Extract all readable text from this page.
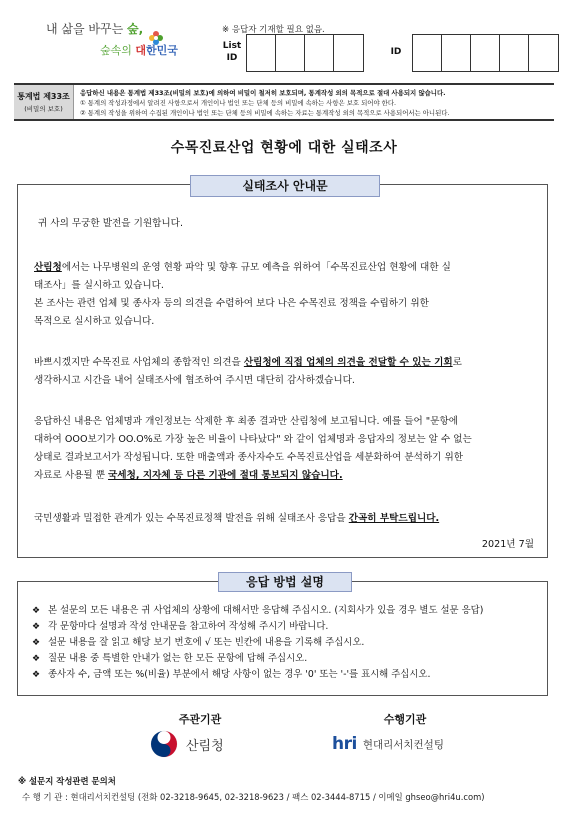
내 삶을 바꾸는 숲,
숲속의 대한민국
※ 응답자 기재할 필요 없음.
List
ID
ID
통계법 제33조
(비밀의 보호)
응답하신 내용은 통계법 제33조(비밀의 보호)에 의하여 비밀이 철저히 보호되며, 통계작성 외의 목적으로 절대 사용되지 않습니다.
① 통계의 작성과정에서 알려진 사항으로서 개인이나 법인 또는 단체 등의 비밀에 속하는 사항은 보호 되어야 한다.
② 통계의 작성을 위하여 수집된 개인이나 법인 또는 단체 등의 비밀에 속하는 자료는 통계작성 외의 목적으로 사용되어서는 아니된다.
수목진료산업 현황에 대한 실태조사
실태조사 안내문
귀 사의 무궁한 발전을 기원합니다.
산림청에서는 나무병원의 운영 현황 파악 및 향후 규모 예측을 위하여「수목진료산업 현황에 대한 실
태조사」를 실시하고 있습니다.
본 조사는 관련 업체 및 종사자 등의 의견을 수렴하여 보다 나은 수목진료 정책을 수립하기 위한
목적으로 실시하고 있습니다.
바쁘시겠지만 수목진료 사업체의 종합적인 의견을 산림청에 직접 업체의 의견을 전달할 수 있는 기회로
생각하시고 시간을 내어 실태조사에 협조하여 주시면 대단히 감사하겠습니다.
응답하신 내용은 업체명과 개인정보는 삭제한 후 최종 결과만 산림청에 보고됩니다. 예를 들어 "문항에
대하여 OOO보기가 OO.O%로 가장 높은 비율이 나타났다" 와 같이 업체명과 응답자의 정보는 알 수 없는
상태로 결과보고서가 작성됩니다. 또한 매출액과 종사자수도 수목진료산업을 세분화하여 분석하기 위한
자료로 사용될 뿐 국세청, 지자체 등 다른 기관에 절대 통보되지 않습니다.
국민생활과 밀접한 관계가 있는 수목진료정책 발전을 위해 실태조사 응답을 간곡히 부탁드립니다.
2021년 7월
응답 방법 설명
❖ 본 설문의 모든 내용은 귀 사업체의 상황에 대해서만 응답해 주십시오. (지회사가 있을 경우 별도 설문 응답)
❖ 각 문항마다 설명과 작성 안내문을 참고하여 작성해 주시기 바랍니다.
❖ 설문 내용을 잘 읽고 해당 보기 번호에 √ 또는 빈칸에 내용을 기록해 주십시오.
❖ 질문 내용 중 특별한 안내가 없는 한 모든 문항에 답해 주십시오.
❖ 종사자 수, 금액 또는 %(비율) 부분에서 해당 사항이 없는 경우 '0' 또는 '-'를 표시해 주십시오.
주관기관
산림청
수행기관
hri 현대리서치컨설팅
※ 설문지 작성관련 문의처
수 행 기 관 : 현대리서치컨설팅 (전화 02-3218-9645, 02-3218-9623 / 팩스 02-3444-8715 / 이메일 ghseo@hri4u.com)
